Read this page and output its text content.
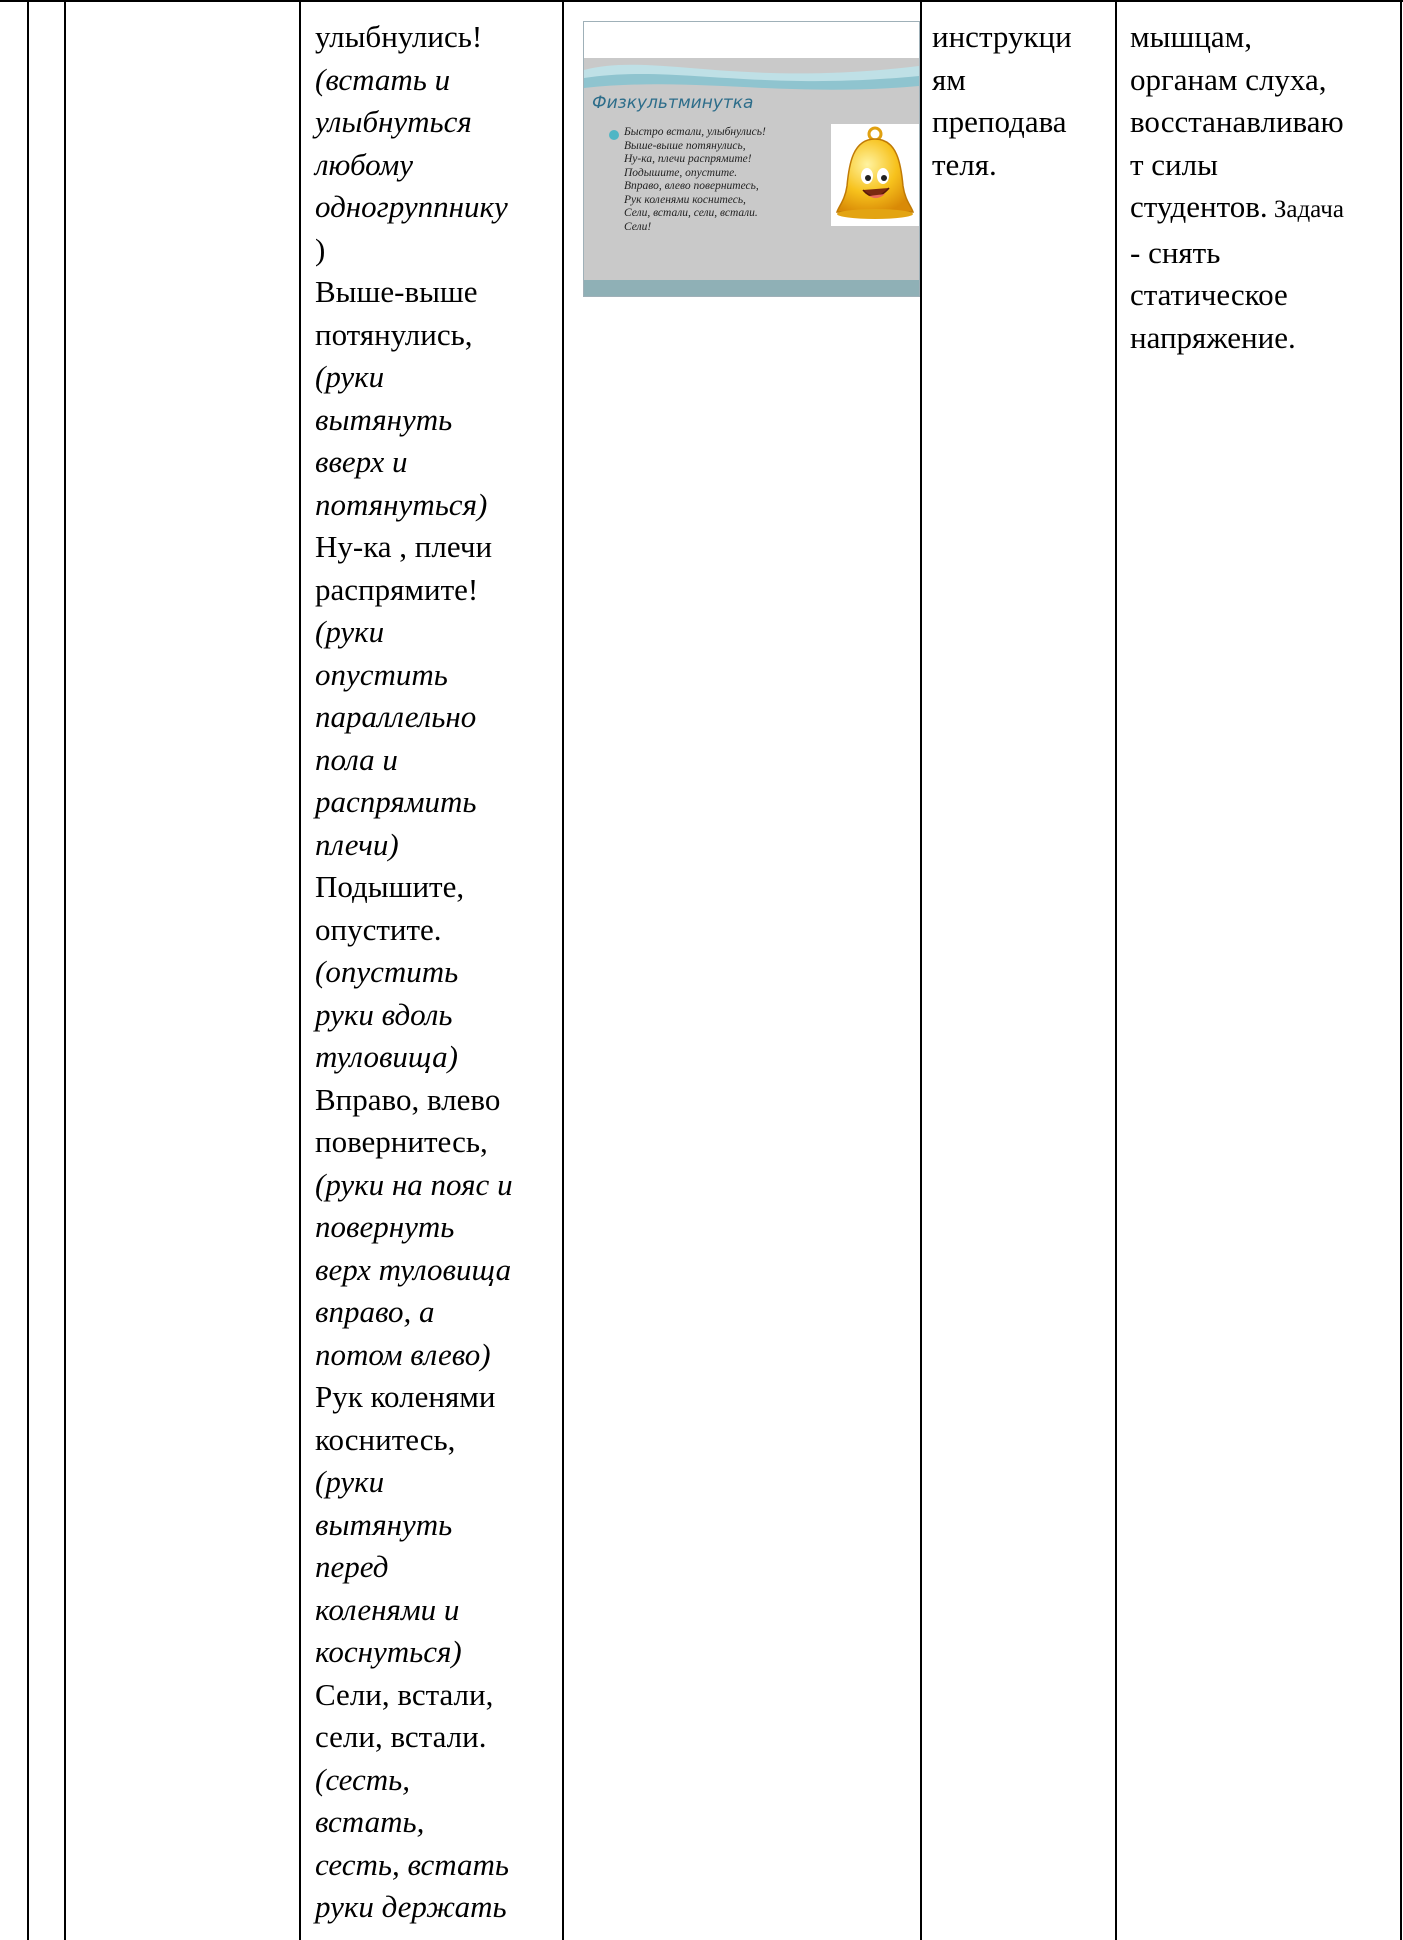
улыбнулись!
(встать и
улыбнуться
любому
одногруппнику
)
Выше-выше
потянулись,
(руки
вытянуть
вверх и
потянуться)
Ну-ка , плечи
распрямите!
(руки
опустить
параллельно
пола и
распрямить
плечи)
Подышите,
опустите.
(опустить
руки вдоль
туловища)
Вправо, влево
повернитесь,
(руки на пояс и
повернуть
верх туловища
вправо, а
потом влево)
Рук коленями
коснитесь,
(руки
вытянуть
перед
коленями и
коснуться)
Сели, встали,
сели, встали.
(сесть,
встать,
сесть, встать
руки держать
Физкультминутка
Быстро встали, улыбнулись!
Выше-выше потянулись,
Ну-ка, плечи распрямите!
Подышите, опустите.
Вправо, влево повернитесь,
Рук коленями коснитесь,
Сели, встали, сели, встали.
Сели!
инструкци
ям
преподава
теля.
мышцам,
органам слуха,
восстанавливаю
т силы
студентов. Задача
- снять
статическое
напряжение.
